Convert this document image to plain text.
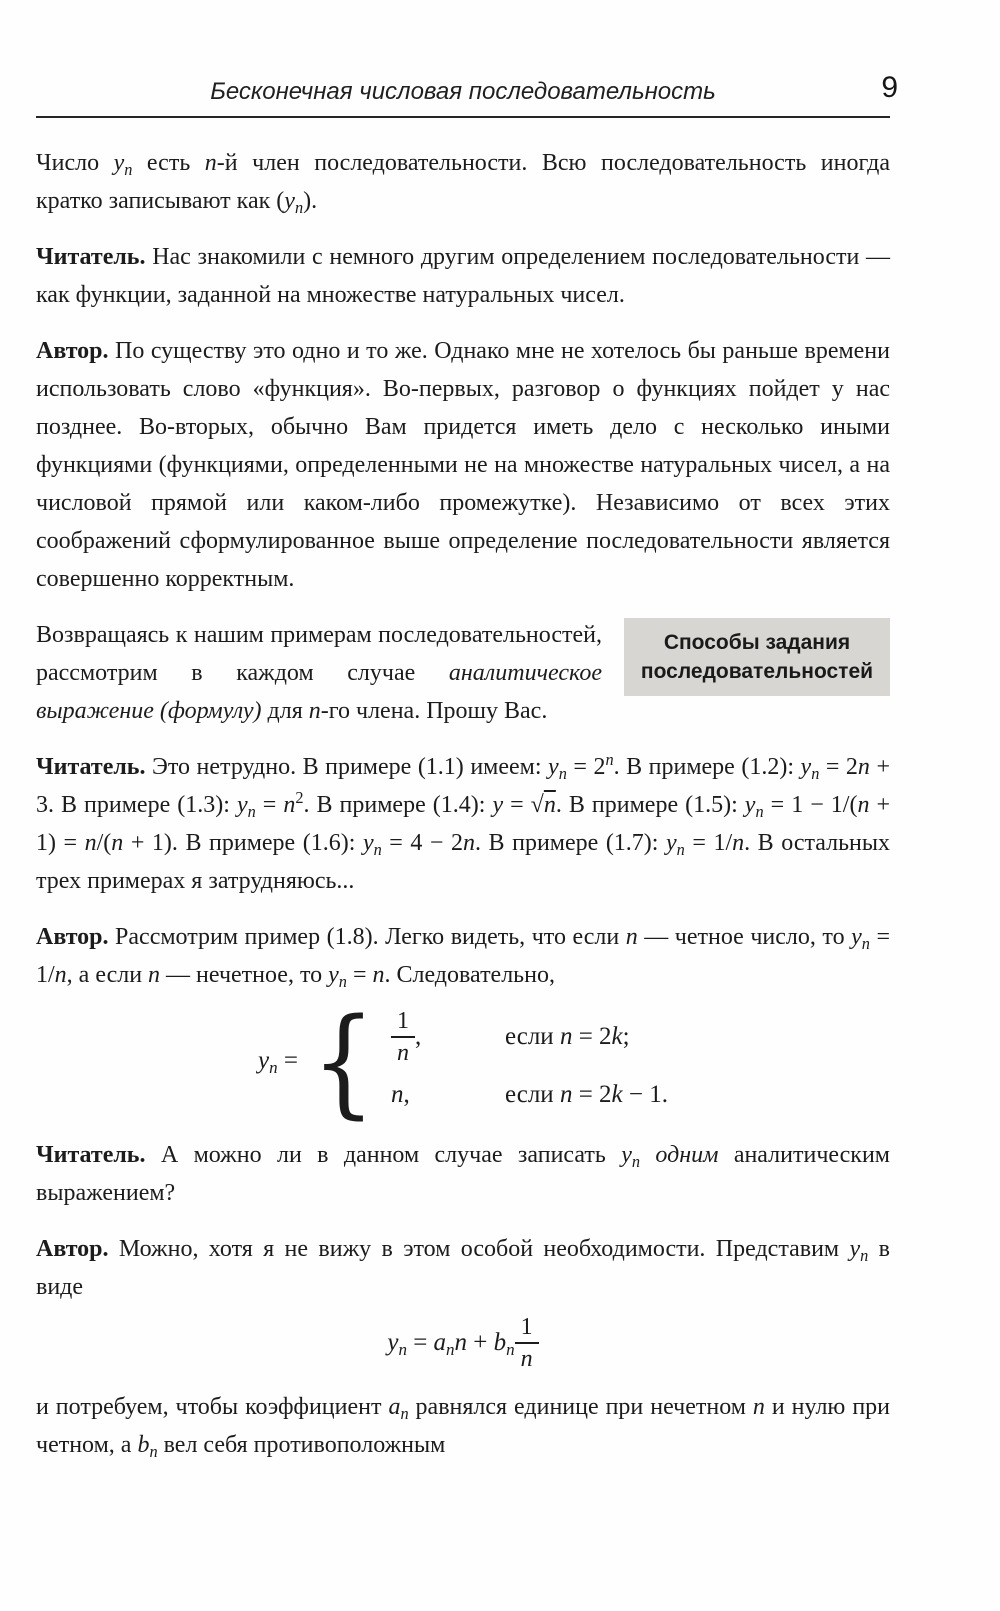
Бесконечная числовая последовательность	9

Число $y_n$ есть n-й член последовательности. Всю последовательность иногда кратко записывают как $(y_n)$.

Читатель. Нас знакомили с немного другим определением последовательности — как функции, заданной на множестве натуральных чисел.

Автор. По существу это одно и то же. Однако мне не хотелось бы раньше времени использовать слово «функция». Во-первых, разговор о функциях пойдет у нас позднее. Во-вторых, обычно Вам придется иметь дело с несколько иными функциями (функциями, определенными не на множестве натуральных чисел, а на числовой прямой или каком-либо промежутке). Независимо от всех этих соображений сформулированное выше определение последовательности является совершенно корректным.

Способы задания последовательностей

Возвращаясь к нашим примерам последовательностей, рассмотрим в каждом случае аналитическое выражение (формулу) для n-го члена. Прошу Вас.

Читатель. Это нетрудно. В примере (1.1) имеем: $y_n = 2^n$. В примере (1.2): $y_n = 2n + 3$. В примере (1.3): $y_n = n^2$. В примере (1.4): y = √n. В примере (1.5): $y_n = 1 - 1/(n + 1) = n/(n + 1)$. В примере (1.6): $y_n = 4 - 2n$. В примере (1.7): $y_n = 1/n$. В остальных трех примерах я затрудняюсь...

Автор. Рассмотрим пример (1.8). Легко видеть, что если n — четное число, то $y_n = 1/n$, а если n — нечетное, то $y_n = n$. Следовательно,

$y_n$ = { $\frac{1}{n}$ ,	если n = 2k;
n ,	если n = 2k − 1.

Читатель. А можно ли в данном случае записать $y_n$ одним аналитическим выражением?

Автор. Можно, хотя я не вижу в этом особой необходимости. Представим $y_n$ в виде

$y_n = a_nn + b_n \frac{1}{n}$

и потребуем, чтобы коэффициент $a_n$ равнялся единице при нечетном n и нулю при четном, а $b_n$ вел себя противоположным
